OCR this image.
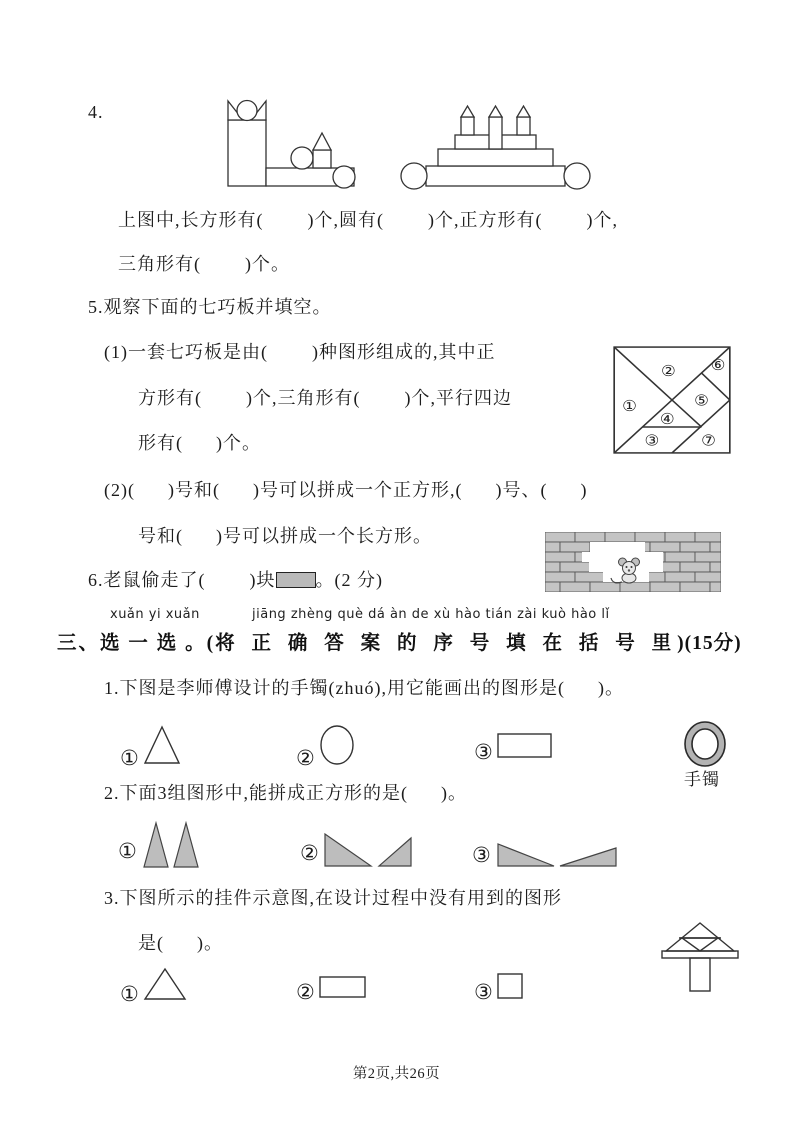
4.
上图中,长方形有(        )个,圆有(        )个,正方形有(        )个,
三角形有(        )个。
5.观察下面的七巧板并填空。
(1)一套七巧板是由(        )种图形组成的,其中正
方形有(        )个,三角形有(        )个,平行四边
形有(      )个。
①
②
③
④
⑤
⑥
⑦
(2)(      )号和(      )号可以拼成一个正方形,(      )号、(      )
号和(      )号可以拼成一个长方形。
6.老鼠偷走了(        )块 。(2 分)
xuǎn yi xuǎn	jiāng zhèng què dá àn de xù hào tián zài kuò hào lǐ
三、选 一 选 。(将 正 确 答 案 的 序 号 填 在 括 号 里)(15分)
1.下图是李师傅设计的手镯(zhuó),用它能画出的图形是(      )。
①	②	③
手镯
2.下面3组图形中,能拼成正方形的是(      )。
①	②	③
3.下图所示的挂件示意图,在设计过程中没有用到的图形
是(      )。
①	②	③
第2页,共26页
